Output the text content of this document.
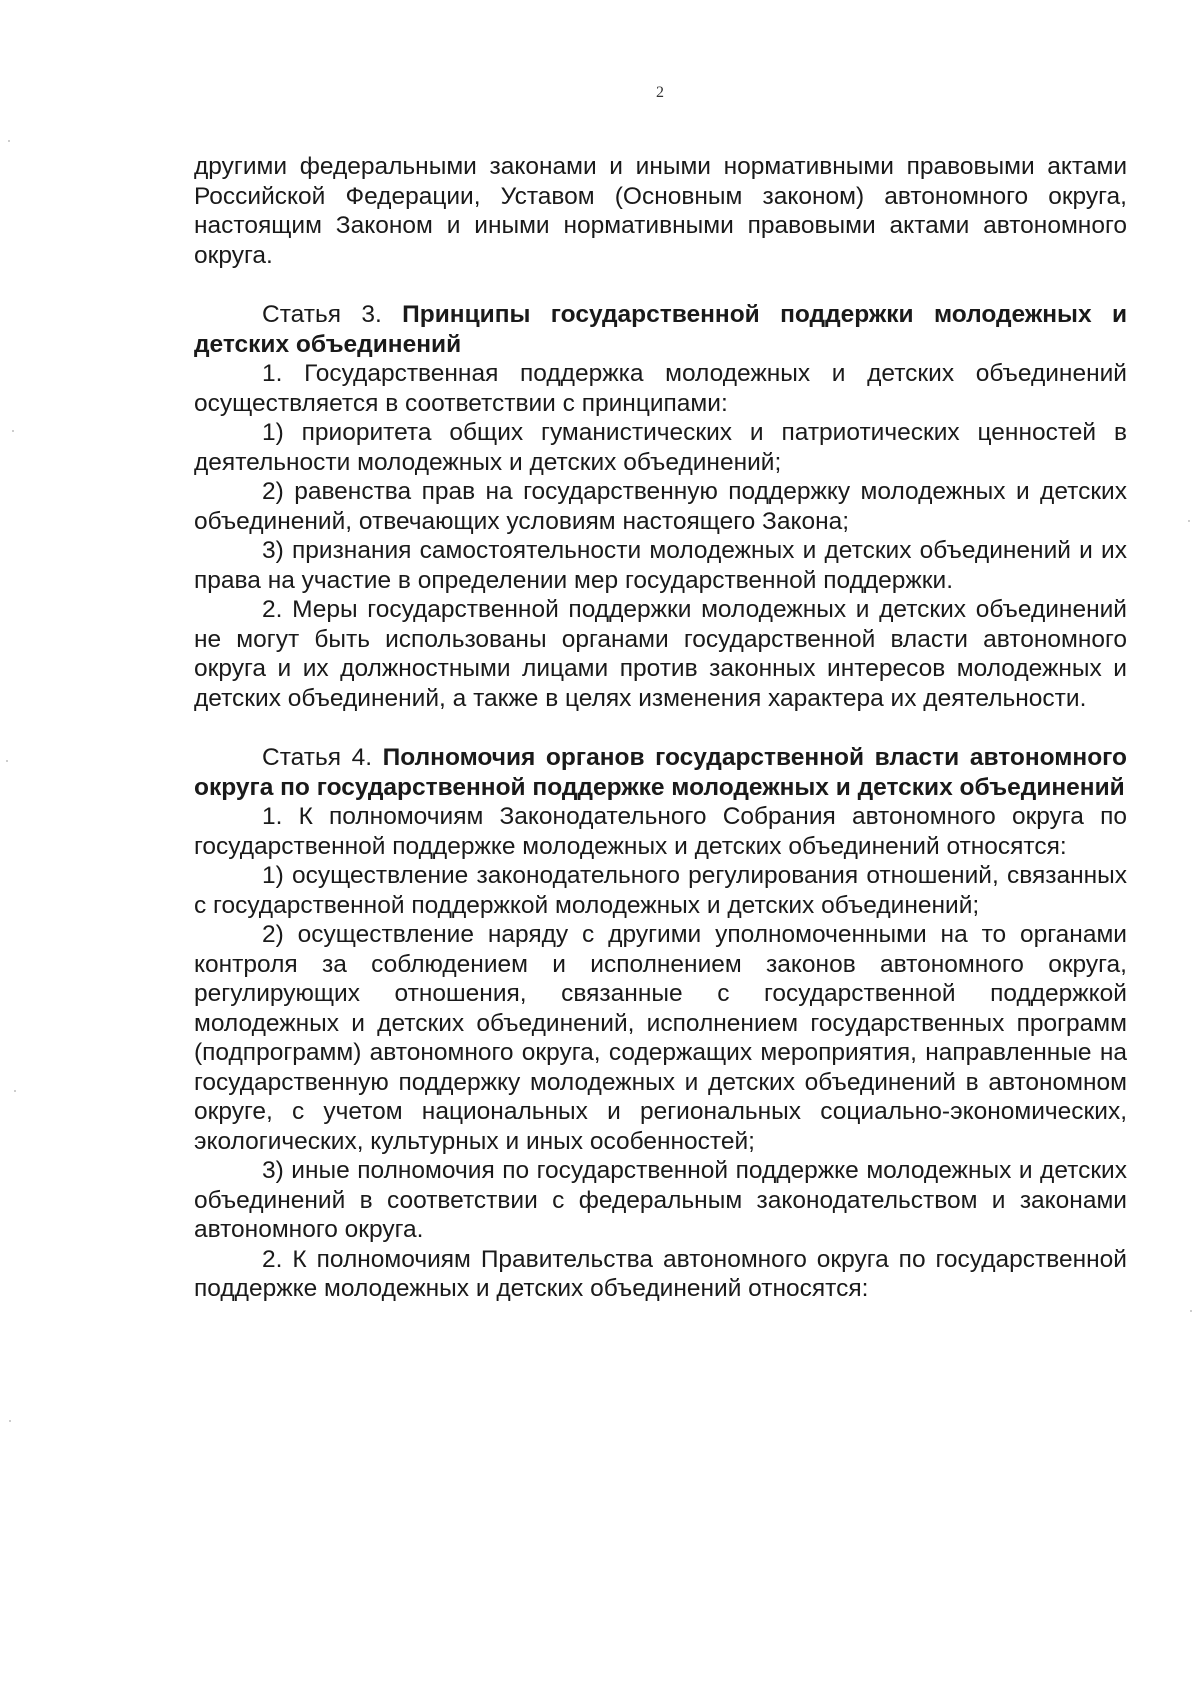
2

другими федеральными законами и иными нормативными правовыми актами Российской Федерации, Уставом (Основным законом) автономного округа, настоящим Законом и иными нормативными правовыми актами автономного округа.

Статья 3. Принципы государственной поддержки молодежных и детских объединений

1. Государственная поддержка молодежных и детских объединений осуществляется в соответствии с принципами:

1) приоритета общих гуманистических и патриотических ценностей в деятельности молодежных и детских объединений;

2) равенства прав на государственную поддержку молодежных и детских объединений, отвечающих условиям настоящего Закона;

3) признания самостоятельности молодежных и детских объединений и их права на участие в определении мер государственной поддержки.

2. Меры государственной поддержки молодежных и детских объединений не могут быть использованы органами государственной власти автономного округа и их должностными лицами против законных интересов молодежных и детских объединений, а также в целях изменения характера их деятельности.

Статья 4. Полномочия органов государственной власти автономного округа по государственной поддержке молодежных и детских объединений

1. К полномочиям Законодательного Собрания автономного округа по государственной поддержке молодежных и детских объединений относятся:

1) осуществление законодательного регулирования отношений, связанных с государственной поддержкой молодежных и детских объединений;

2) осуществление наряду с другими уполномоченными на то органами контроля за соблюдением и исполнением законов автономного округа, регулирующих отношения, связанные с государственной поддержкой молодежных и детских объединений, исполнением государственных программ (подпрограмм) автономного округа, содержащих мероприятия, направленные на государственную поддержку молодежных и детских объединений в автономном округе, с учетом национальных и региональных социально-экономических, экологических, культурных и иных особенностей;

3) иные полномочия по государственной поддержке молодежных и детских объединений в соответствии с федеральным законодательством и законами автономного округа.

2. К полномочиям Правительства автономного округа по государственной поддержке молодежных и детских объединений относятся:
